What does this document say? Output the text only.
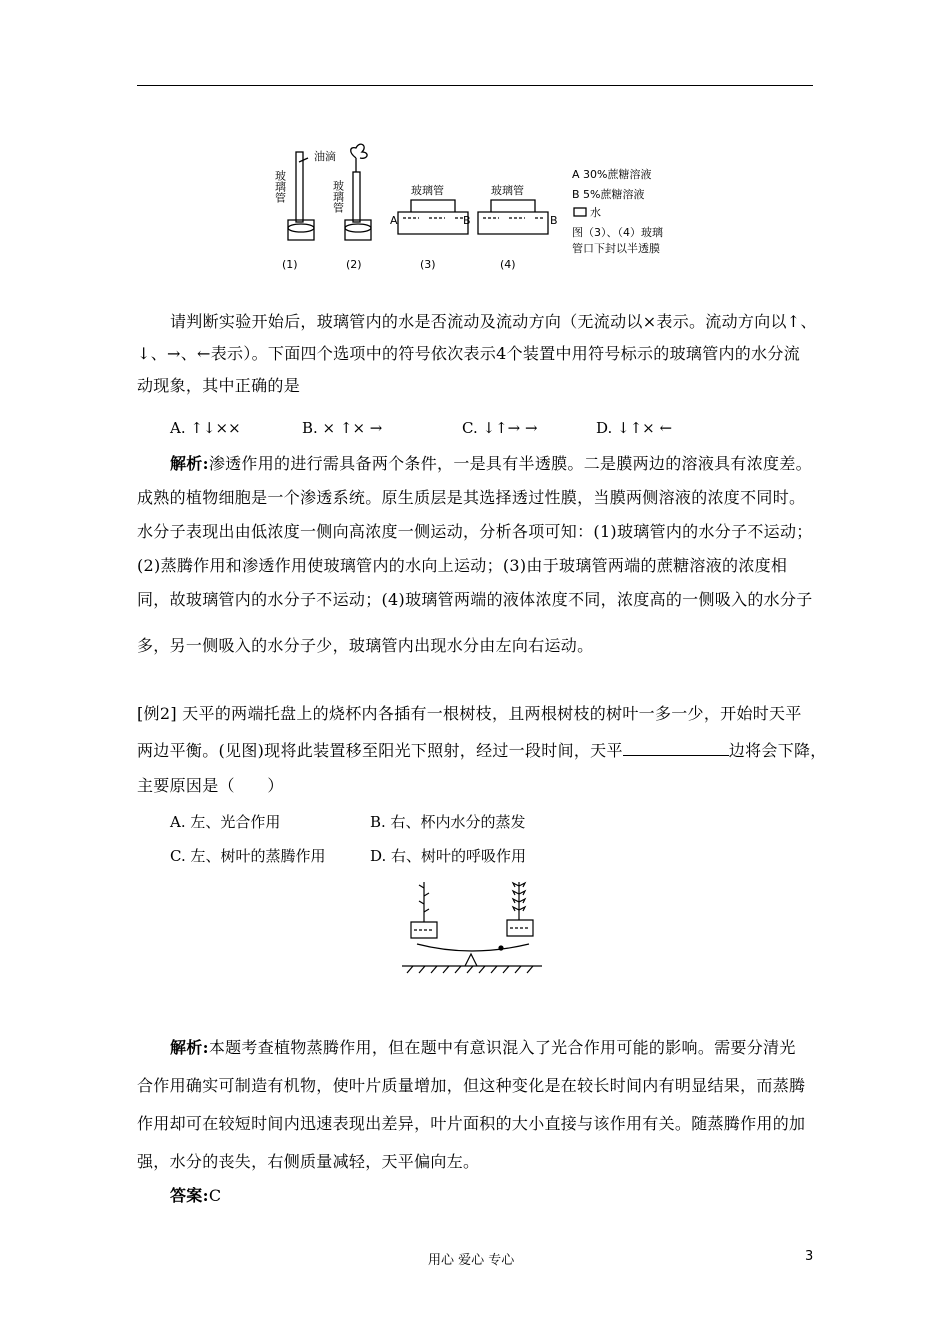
油滴
玻璃管	玻璃管	玻璃管	玻璃管
A	B	B
(1)	(2)	(3)	(4)
A 30%蔗糖溶液
B 5%蔗糖溶液
水
图（3）、（4）玻璃
管口下封以半透膜
请判断实验开始后，玻璃管内的水是否流动及流动方向（无流动以×表示。流动方向以↑、
↓、→、←表示）。下面四个选项中的符号依次表示4个装置中用符号标示的玻璃管内的水分流
动现象，其中正确的是
A. ↑↓××	B. × ↑× →	C. ↓↑→ →	D. ↓↑× ←
解析:渗透作用的进行需具备两个条件，一是具有半透膜。二是膜两边的溶液具有浓度差。
成熟的植物细胞是一个渗透系统。原生质层是其选择透过性膜，当膜两侧溶液的浓度不同时。
水分子表现出由低浓度一侧向高浓度一侧运动，分析各项可知：(1)玻璃管内的水分子不运动；
(2)蒸腾作用和渗透作用使玻璃管内的水向上运动；(3)由于玻璃管两端的蔗糖溶液的浓度相
同，故玻璃管内的水分子不运动；(4)玻璃管两端的液体浓度不同，浓度高的一侧吸入的水分子
多，另一侧吸入的水分子少，玻璃管内出现水分由左向右运动。
[例2] 天平的两端托盘上的烧杯内各插有一根树枝，且两根树枝的树叶一多一少，开始时天平
两边平衡。(见图)现将此装置移至阳光下照射，经过一段时间，天平	边将会下降，
主要原因是（　　）
A. 左、光合作用	B. 右、杯内水分的蒸发
C. 左、树叶的蒸腾作用	D. 右、树叶的呼吸作用
解析:本题考查植物蒸腾作用，但在题中有意识混入了光合作用可能的影响。需要分清光
合作用确实可制造有机物，使叶片质量增加，但这种变化是在较长时间内有明显结果，而蒸腾
作用却可在较短时间内迅速表现出差异，叶片面积的大小直接与该作用有关。随蒸腾作用的加
强，水分的丧失，右侧质量减轻，天平偏向左。
答案:C
用心 爱心 专心	3
